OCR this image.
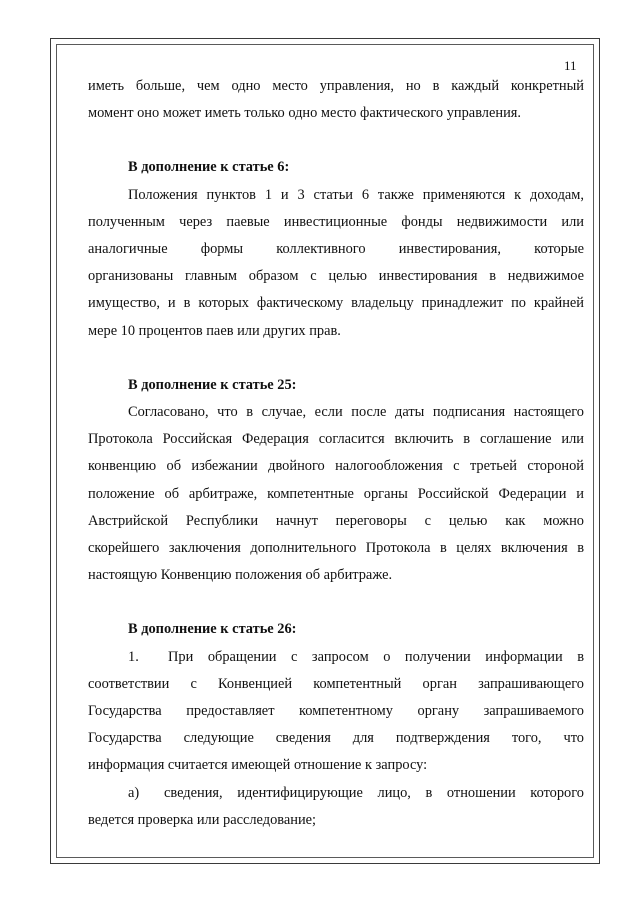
11

иметь больше, чем одно место управления, но в каждый конкретный

момент оно может иметь только одно место фактического управления.

В дополнение к статье 6:

Положения пунктов 1 и 3 статьи 6 также применяются к доходам,

полученным через паевые инвестиционные фонды недвижимости или

аналогичные формы коллективного инвестирования, которые

организованы главным образом с целью инвестирования в недвижимое

имущество, и в которых фактическому владельцу принадлежит по крайней

мере 10 процентов паев или других прав.

В дополнение к статье 25:

Согласовано, что в случае, если после даты подписания настоящего

Протокола Российская Федерация согласится включить в соглашение или

конвенцию об избежании двойного налогообложения с третьей стороной

положение об арбитраже, компетентные органы Российской Федерации и

Австрийской Республики начнут переговоры с целью как можно

скорейшего заключения дополнительного Протокола в целях включения в

настоящую Конвенцию положения об арбитраже.

В дополнение к статье 26:

1.	При обращении с запросом о получении информации в

соответствии с Конвенцией компетентный орган запрашивающего

Государства предоставляет компетентному органу запрашиваемого

Государства следующие сведения для подтверждения того, что

информация считается имеющей отношение к запросу:

а)	сведения, идентифицирующие лицо, в отношении которого

ведется проверка или расследование;
